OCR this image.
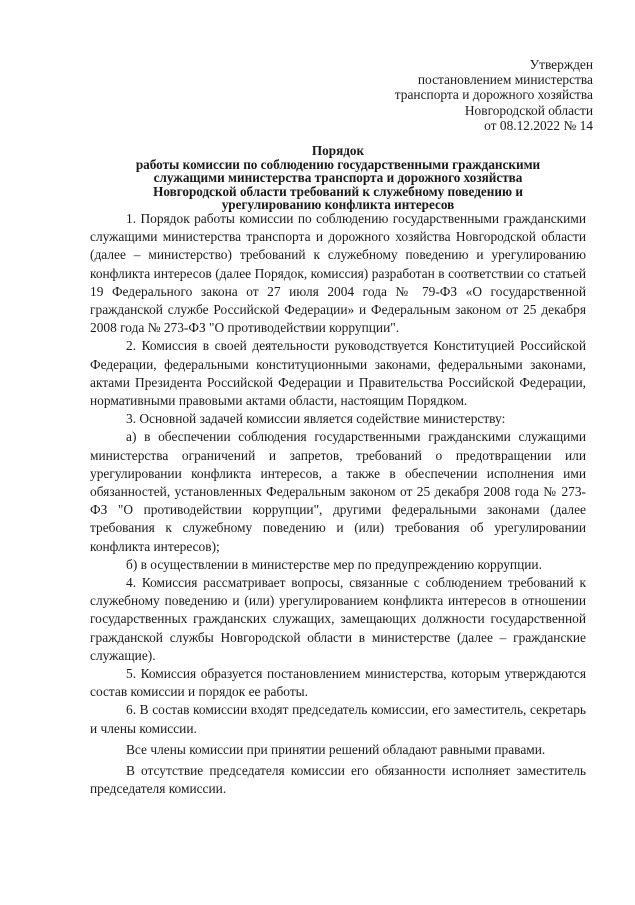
Утвержден
постановлением министерства
транспорта и дорожного хозяйства
Новгородской области
от 08.12.2022 № 14
Порядок
работы комиссии по соблюдению государственными гражданскими
служащими министерства транспорта и дорожного хозяйства
Новгородской области требований к служебному поведению и
урегулированию конфликта интересов

1. Порядок работы комиссии по соблюдению государственными гражданскими служащими министерства транспорта и дорожного хозяйства Новгородской области (далее – министерство) требований к служебному поведению и урегулированию конфликта интересов (далее Порядок, комиссия) разработан в соответствии со статьей 19 Федерального закона от 27 июля 2004 года № 79-ФЗ «О государственной гражданской службе Российской Федерации» и Федеральным законом от 25 декабря 2008 года № 273-ФЗ "О противодействии коррупции".

2. Комиссия в своей деятельности руководствуется Конституцией Российской Федерации, федеральными конституционными законами, федеральными законами, актами Президента Российской Федерации и Правительства Российской Федерации, нормативными правовыми актами области, настоящим Порядком.

3. Основной задачей комиссии является содействие министерству:

а) в обеспечении соблюдения государственными гражданскими служащими министерства ограничений и запретов, требований о предотвращении или урегулировании конфликта интересов, а также в обеспечении исполнения ими обязанностей, установленных Федеральным законом от 25 декабря 2008 года № 273-ФЗ "О противодействии коррупции", другими федеральными законами (далее требования к служебному поведению и (или) требования об урегулировании конфликта интересов);

б) в осуществлении в министерстве мер по предупреждению коррупции.

4. Комиссия рассматривает вопросы, связанные с соблюдением требований к служебному поведению и (или) урегулированием конфликта интересов в отношении государственных гражданских служащих, замещающих должности государственной гражданской службы Новгородской области в министерстве (далее – гражданские служащие).

5. Комиссия образуется постановлением министерства, которым утверждаются состав комиссии и порядок ее работы.

6. В состав комиссии входят председатель комиссии, его заместитель, секретарь и члены комиссии.

Все члены комиссии при принятии решений обладают равными правами.

В отсутствие председателя комиссии его обязанности исполняет заместитель председателя комиссии.
